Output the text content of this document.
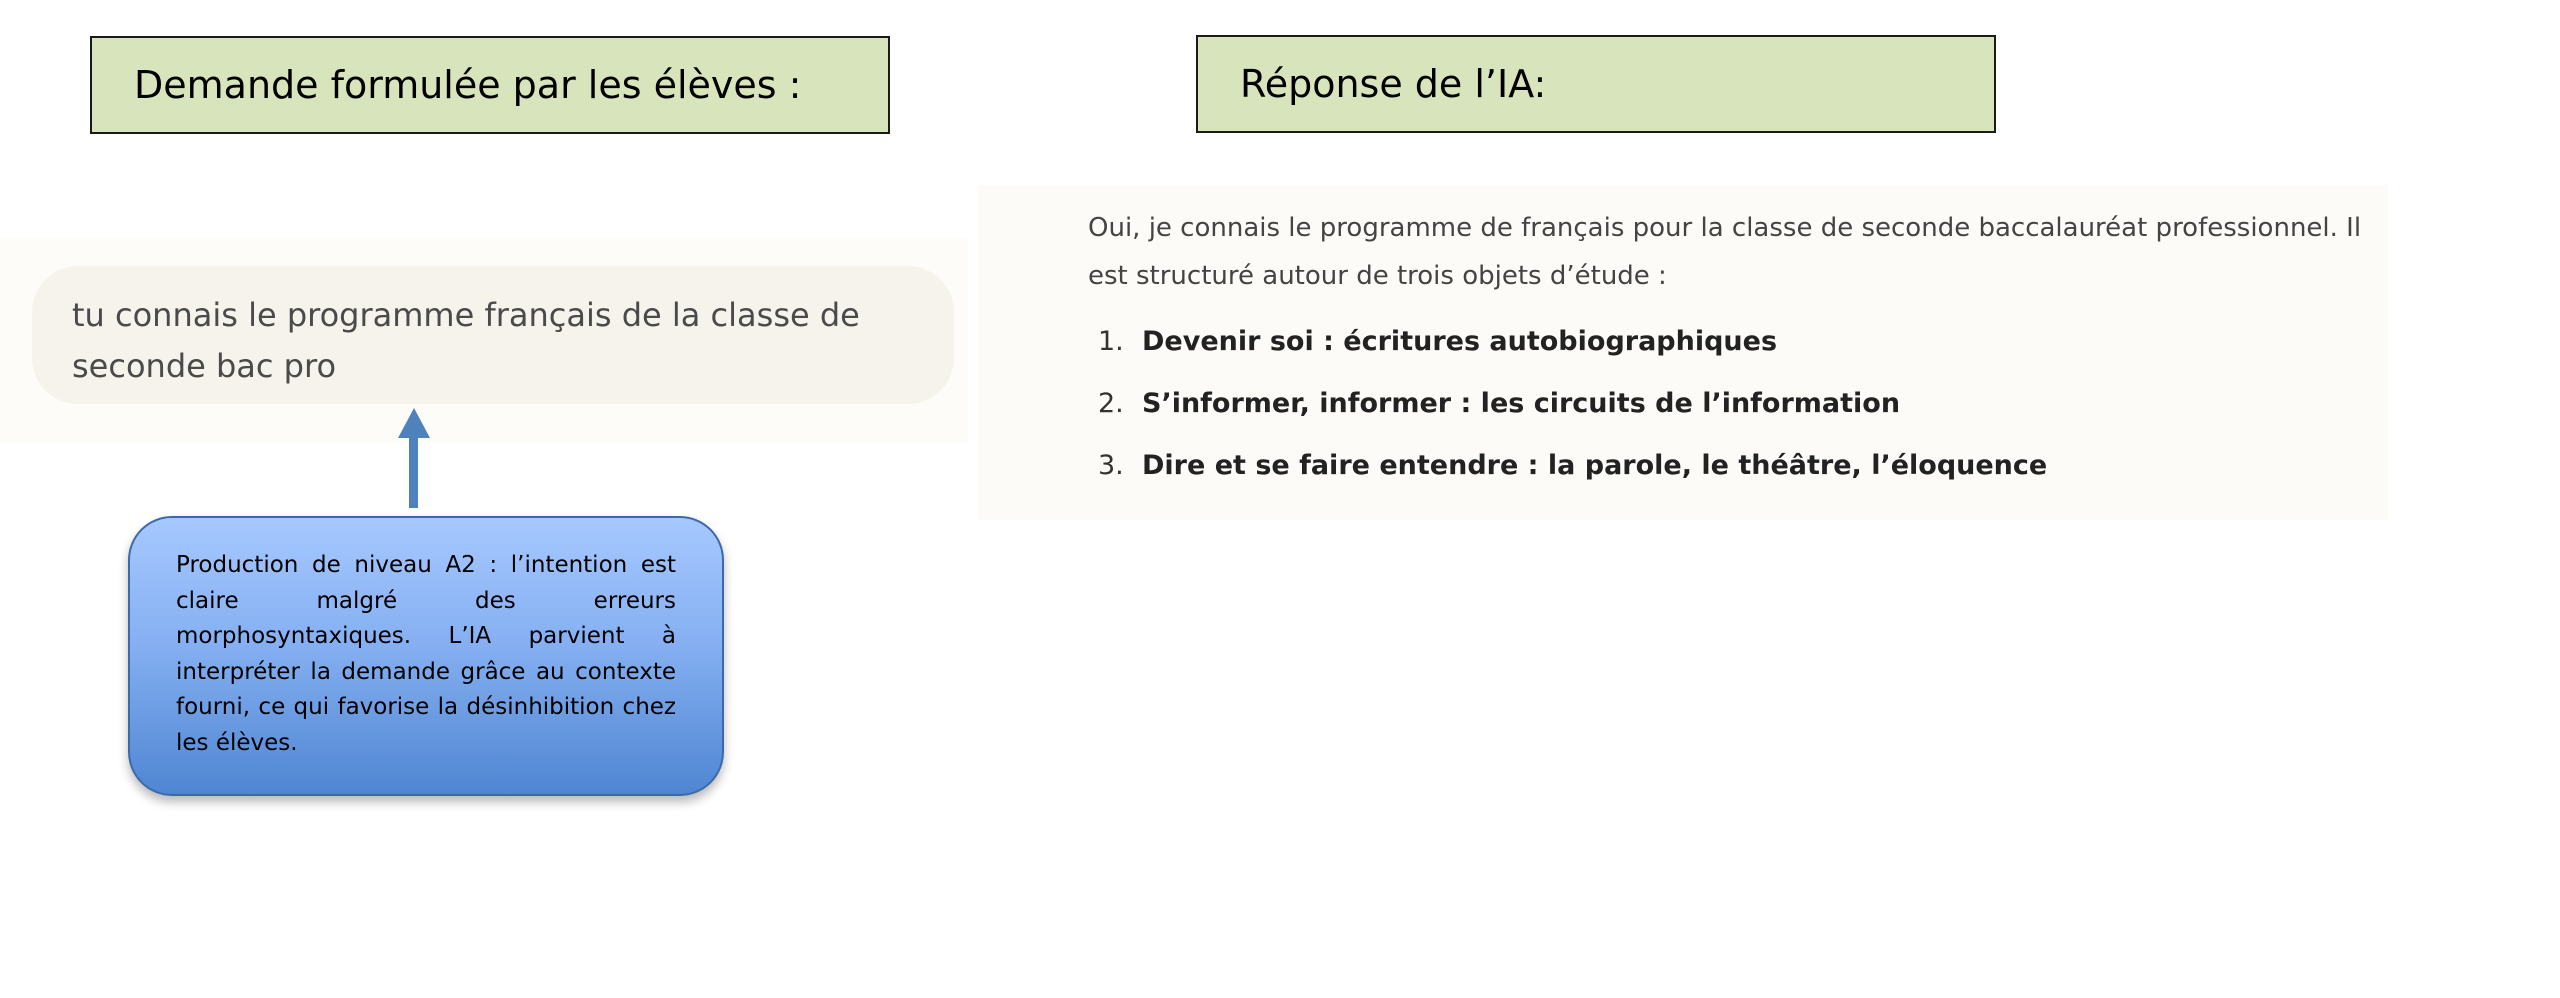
Demande formulée par les élèves :	Réponse de l’IA:
tu connais le programme français de la classe de seconde bac pro

Production de niveau A2 : l’intention est claire malgré des erreurs morphosyntaxiques. L’IA parvient à interpréter la demande grâce au contexte fourni, ce qui favorise la désinhibition chez les élèves.

Oui, je connais le programme de français pour la classe de seconde baccalauréat professionnel. Il est structuré autour de trois objets d’étude :

1. Devenir soi : écritures autobiographiques
2. S’informer, informer : les circuits de l’information
3. Dire et se faire entendre : la parole, le théâtre, l’éloquence
